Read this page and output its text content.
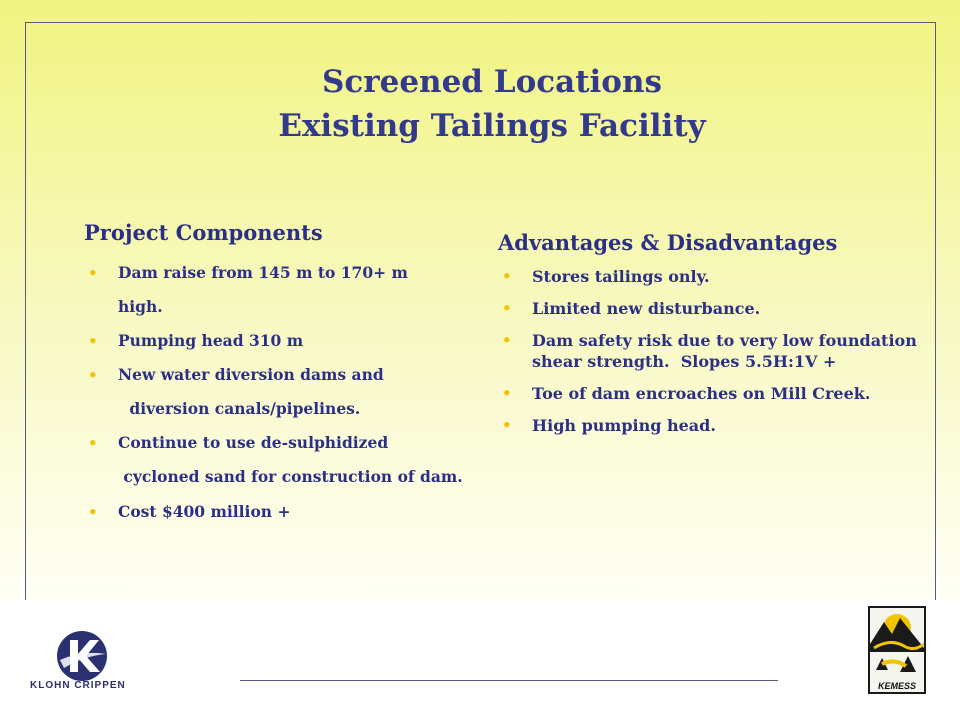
Screened Locations
Existing Tailings Facility
Project Components
• Dam raise from 145 m to 170+ m
high.
• Pumping head 310 m
• New water diversion dams and
diversion canals/pipelines.
• Continue to use de-sulphidized
cycloned sand for construction of dam.
• Cost $400 million +
Advantages & Disadvantages
• Stores tailings only.
• Limited new disturbance.
• Dam safety risk due to very low foundation shear strength.  Slopes 5.5H:1V +
• Toe of dam encroaches on Mill Creek.
• High pumping head.
KLOHN CRIPPEN	KEMESS
